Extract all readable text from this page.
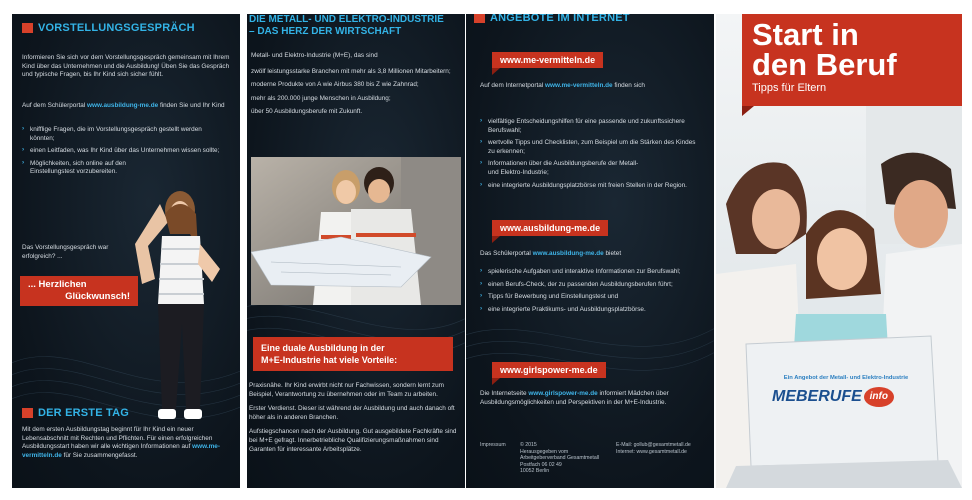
VORSTELLUNGSGESPRÄCH
Informieren Sie sich vor dem Vorstellungsgespräch gemeinsam mit Ihrem Kind über das Unternehmen und die Ausbildung! Üben Sie das Gespräch und typische Fragen, bis Ihr Kind sich sicher fühlt.
Auf dem Schülerportal www.ausbildung-me.de finden Sie und Ihr Kind
› knifflige Fragen, die im Vorstellungsgespräch gestellt werden könnten;
› einen Leitfaden, was Ihr Kind über das Unternehmen wissen sollte;
› Möglichkeiten, sich online auf den Einstellungstest vorzubereiten.
Das Vorstellungsgespräch war erfolgreich? ...
... Herzlichen
Glückwunsch!
DER ERSTE TAG
Mit dem ersten Ausbildungstag beginnt für Ihr Kind ein neuer Lebensabschnitt mit Rechten und Pflichten. Für einen erfolgreichen Ausbildungsstart haben wir alle wichtigen Informationen auf www.me-vermitteln.de für Sie zusammengefasst.
DIE METALL- UND ELEKTRO-INDUSTRIE
– DAS HERZ DER WIRTSCHAFT
Metall- und Elektro-Industrie (M+E), das sind
zwölf leistungsstarke Branchen mit mehr als 3,8 Millionen Mitarbeitern;
moderne Produkte von A wie Airbus 380 bis Z wie Zahnrad;
mehr als 200.000 junge Menschen in Ausbildung;
über 50 Ausbildungsberufe mit Zukunft.
Eine duale Ausbildung in der
M+E-Industrie hat viele Vorteile:

Praxisnähe. Ihr Kind erwirbt nicht nur Fachwissen, sondern lernt zum Beispiel, Verantwortung zu übernehmen oder im Team zu arbeiten.

Erster Verdienst. Dieser ist während der Ausbildung und auch danach oft höher als in anderen Branchen.

Aufstiegschancen nach der Ausbildung. Gut ausgebildete Fachkräfte sind bei M+E gefragt. Innerbetriebliche Qualifizierungsmaßnahmen sind Garanten für interessante Arbeitsplätze.

ANGEBOTE IM INTERNET
www.me-vermitteln.de
Auf dem Internetportal www.me-vermitteln.de finden sich
› vielfältige Entscheidungshilfen für eine passende und zukunftssichere Berufswahl;
› wertvolle Tipps und Checklisten, zum Beispiel um die Stärken des Kindes zu erkennen;
› Informationen über die Ausbildungsberufe der Metall- und Elektro-Industrie;
› eine integrierte Ausbildungsplatzbörse mit freien Stellen in der Region.
www.ausbildung-me.de
Das Schülerportal www.ausbildung-me.de bietet
› spielerische Aufgaben und interaktive Informationen zur Berufswahl;
› einen Berufs-Check, der zu passenden Ausbildungsberufen führt;
› Tipps für Bewerbung und Einstellungstest und
› eine integrierte Praktikums- und Ausbildungsplatzbörse.
www.girlspower-me.de
Die Internetseite www.girlspower-me.de informiert Mädchen über Ausbildungsmöglichkeiten und Perspektiven in der M+E-Industrie.
Impressum	© 2015
Herausgegeben vom
Arbeitgeberverband Gesamtmetall
Postfach 06 02 49
10052 Berlin
E-Mail: gollub@gesamtmetall.de
Internet: www.gesamtmetall.de
Start in
den Beruf
Tipps für Eltern
Ein Angebot der Metall- und Elektro-Industrie
ME BERUFE info
